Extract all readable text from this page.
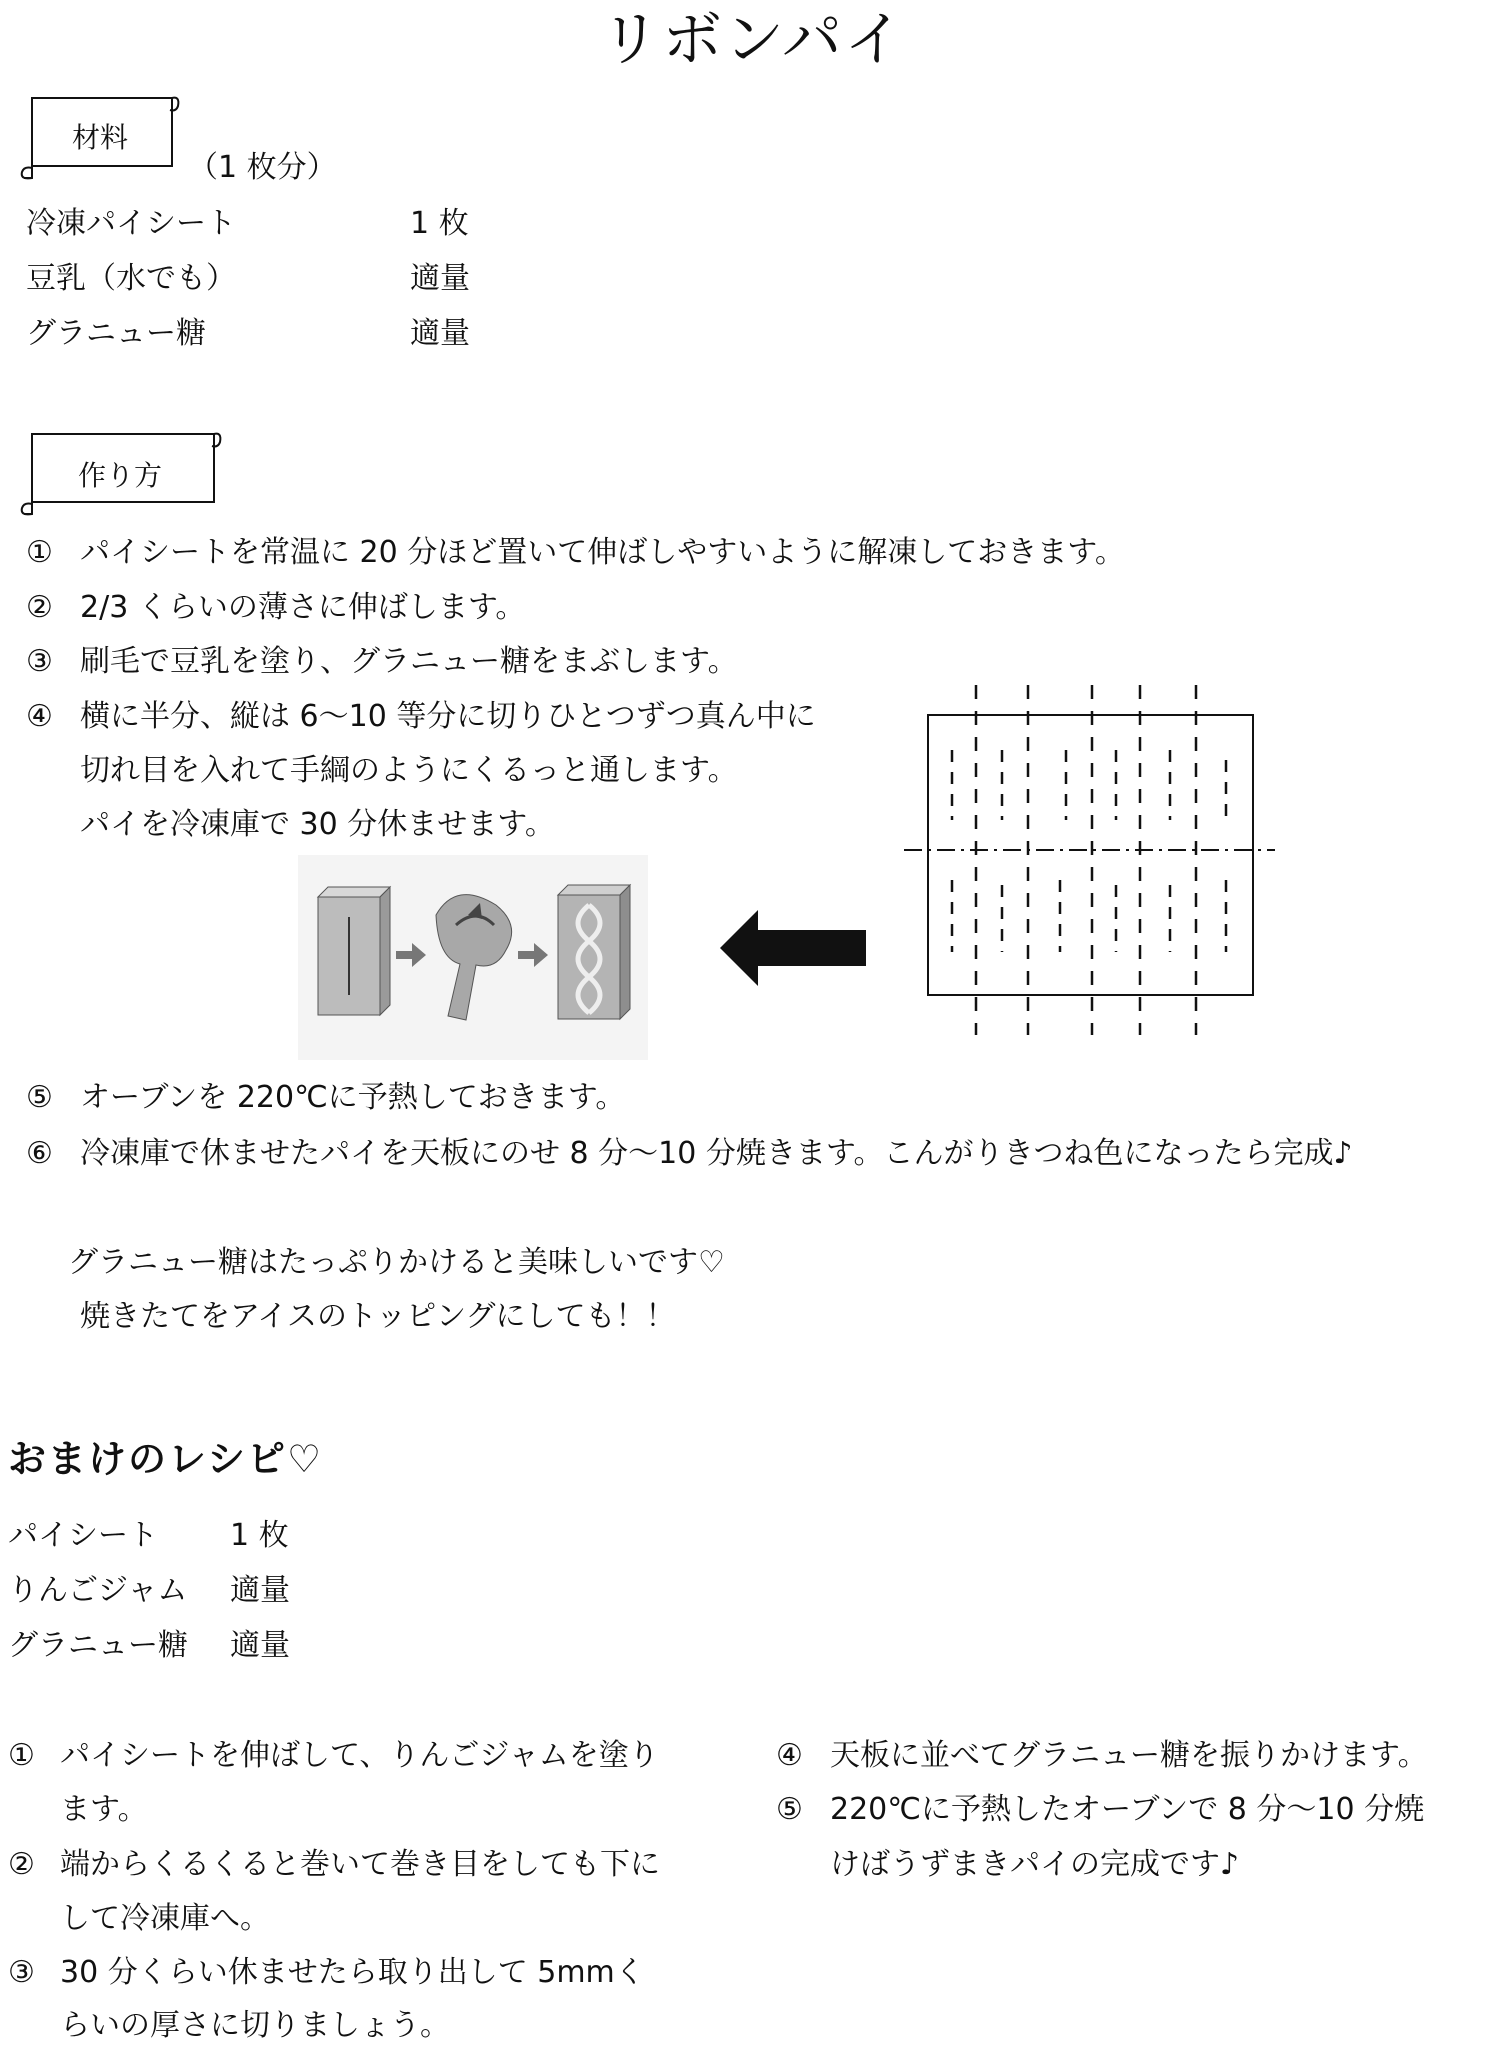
リボンパイ
材料
（1 枚分）
冷凍パイシート	1 枚
豆乳（水でも）	適量
グラニュー糖	適量
作り方
① パイシートを常温に 20 分ほど置いて伸ばしやすいように解凍しておきます。
② 2/3 くらいの薄さに伸ばします。
③ 刷毛で豆乳を塗り、グラニュー糖をまぶします。
④ 横に半分、縦は 6～10 等分に切りひとつずつ真ん中に
切れ目を入れて手綱のようにくるっと通します。
パイを冷凍庫で 30 分休ませます。
⑤ オーブンを 220℃に予熱しておきます。
⑥ 冷凍庫で休ませたパイを天板にのせ 8 分～10 分焼きます。こんがりきつね色になったら完成♪
グラニュー糖はたっぷりかけると美味しいです♡
焼きたてをアイスのトッピングにしても！！
おまけのレシピ♡
パイシート 1 枚
りんごジャム 適量
グラニュー糖 適量
① パイシートを伸ばして、りんごジャムを塗り
ます。
② 端からくるくると巻いて巻き目をしても下に
して冷凍庫へ。
③ 30 分くらい休ませたら取り出して 5mmく
らいの厚さに切りましょう。
④ 天板に並べてグラニュー糖を振りかけます。
⑤ 220℃に予熱したオーブンで 8 分～10 分焼
けばうずまきパイの完成です♪
